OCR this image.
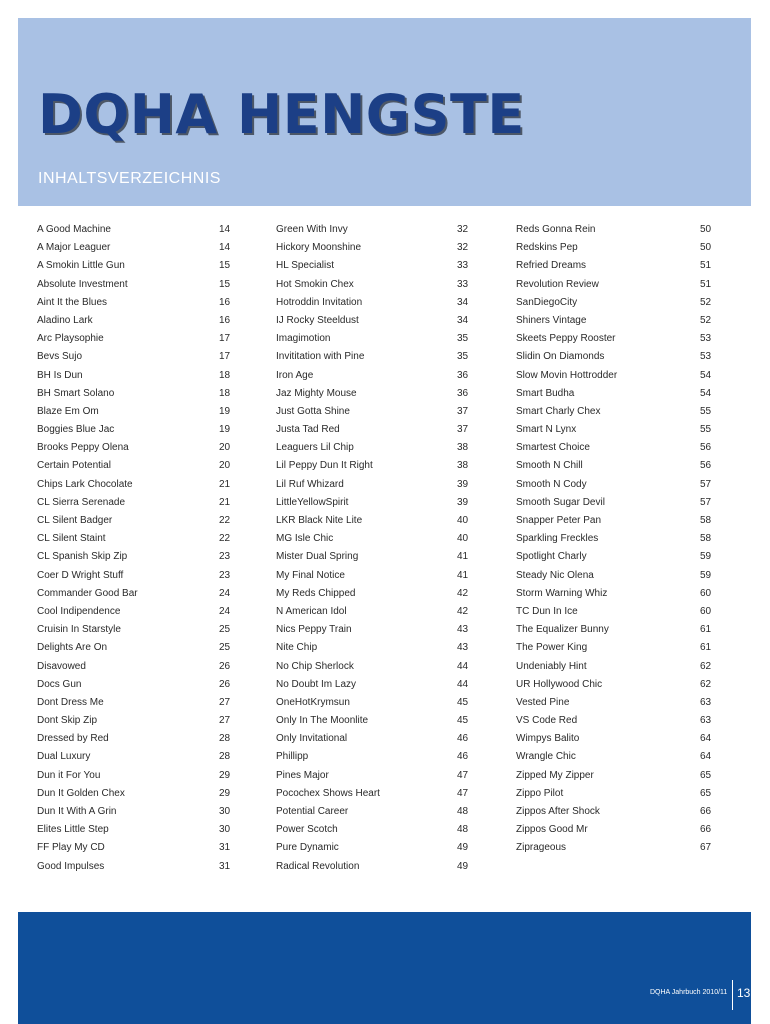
DQHA HENGSTE
INHALTSVERZEICHNIS
A Good Machine	14
A Major Leaguer	14
A Smokin Little Gun	15
Absolute Investment	15
Aint It the Blues	16
Aladino Lark	16
Arc Playsophie	17
Bevs Sujo	17
BH Is Dun	18
BH Smart Solano	18
Blaze Em Om	19
Boggies Blue Jac	19
Brooks Peppy Olena	20
Certain Potential	20
Chips Lark Chocolate	21
CL Sierra Serenade	21
CL Silent Badger	22
CL Silent Staint	22
CL Spanish Skip Zip	23
Coer D Wright Stuff	23
Commander Good Bar	24
Cool Indipendence	24
Cruisin In Starstyle	25
Delights Are On	25
Disavowed	26
Docs Gun	26
Dont Dress Me	27
Dont Skip Zip	27
Dressed by Red	28
Dual Luxury	28
Dun it For You	29
Dun It Golden Chex	29
Dun It With A Grin	30
Elites Little Step	30
FF Play My CD	31
Good Impulses	31
Green With Invy	32
Hickory Moonshine	32
HL Specialist	33
Hot Smokin Chex	33
Hotroddin Invitation	34
IJ Rocky Steeldust	34
Imagimotion	35
Invititation with Pine	35
Iron Age	36
Jaz Mighty Mouse	36
Just Gotta Shine	37
Justa Tad Red	37
Leaguers Lil Chip	38
Lil Peppy Dun It Right	38
Lil Ruf Whizard	39
LittleYellowSpirit	39
LKR Black Nite Lite	40
MG Isle Chic	40
Mister Dual Spring	41
My Final Notice	41
My Reds Chipped	42
N American Idol	42
Nics Peppy Train	43
Nite Chip	43
No Chip Sherlock	44
No Doubt Im Lazy	44
OneHotKrymsun	45
Only In The Moonlite	45
Only Invitational	46
Phillipp	46
Pines Major	47
Pocochex Shows Heart	47
Potential Career	48
Power Scotch	48
Pure Dynamic	49
Radical Revolution	49
Reds Gonna Rein	50
Redskins Pep	50
Refried Dreams	51
Revolution Review	51
SanDiegoCity	52
Shiners Vintage	52
Skeets Peppy Rooster	53
Slidin On Diamonds	53
Slow Movin Hottrodder	54
Smart Budha	54
Smart Charly Chex	55
Smart N Lynx	55
Smartest Choice	56
Smooth N Chill	56
Smooth N Cody	57
Smooth Sugar Devil	57
Snapper Peter Pan	58
Sparkling Freckles	58
Spotlight Charly	59
Steady Nic Olena	59
Storm Warning Whiz	60
TC Dun In Ice	60
The Equalizer Bunny	61
The Power King	61
Undeniably Hint	62
UR Hollywood Chic	62
Vested Pine	63
VS Code Red	63
Wimpys Balito	64
Wrangle Chic	64
Zipped My Zipper	65
Zippo Pilot	65
Zippos After Shock	66
Zippos Good Mr	66
Ziprageous	67
DQHA Jahrbuch 2010/11 13
